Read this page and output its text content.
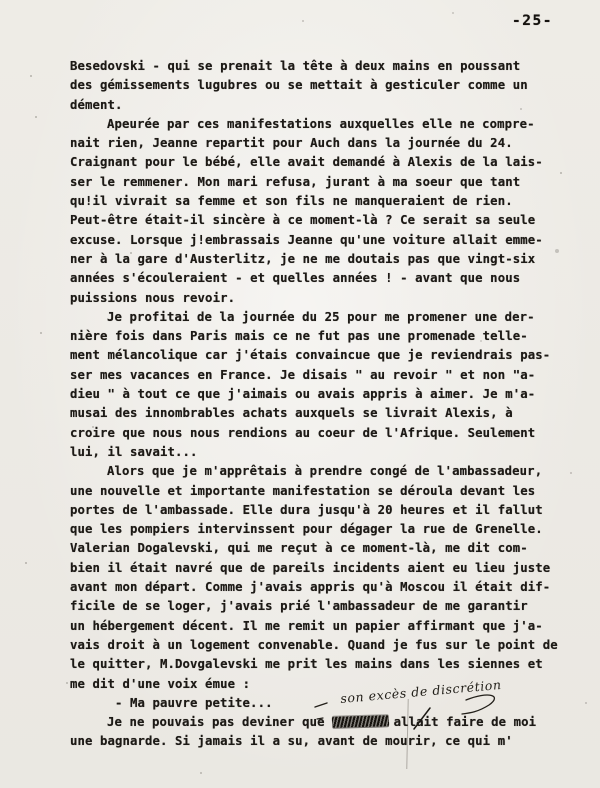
-25-
Besedovski - qui se prenait la tête à deux mains en poussant
des gémissements lugubres ou se mettait à gesticuler comme un
dément.
Apeurée par ces manifestations auxquelles elle ne compre-
nait rien, Jeanne repartit pour Auch dans la journée du 24.
Craignant pour le bébé, elle avait demandé à Alexis de la lais-
ser le remmener. Mon mari refusa, jurant à ma soeur que tant
qu!il vivrait sa femme et son fils ne manqueraient de rien.
Peut-être était-il sincère à ce moment-là ? Ce serait sa seule
excuse. Lorsque j!embrassais Jeanne qu'une voiture allait emme-
ner à la gare d'Austerlitz, je ne me doutais pas que vingt-six
années s'écouleraient - et quelles années ! - avant que nous
puissions nous revoir.
Je profitai de la journée du 25 pour me promener une der-
nière fois dans Paris mais ce ne fut pas une promenade telle-
ment mélancolique car j'étais convaincue que je reviendrais pas-
ser mes vacances en France. Je disais " au revoir " et non "a-
dieu " à tout ce que j'aimais ou avais appris à aimer. Je m'a-
musai des innombrables achats auxquels se livrait Alexis, à
croire que nous nous rendions au coeur de l'Afrique. Seulement
lui, il savait...
Alors que je m'apprêtais à prendre congé de l'ambassadeur,
une nouvelle et importante manifestation se déroula devant les
portes de l'ambassade. Elle dura jusqu'à 20 heures et il fallut
que les pompiers intervinssent pour dégager la rue de Grenelle.
Valerian Dogalevski, qui me reçut à ce moment-là, me dit com-
bien il était navré que de pareils incidents aient eu lieu juste
avant mon départ. Comme j'avais appris qu'à Moscou il était dif-
ficile de se loger, j'avais prié l'ambassadeur de me garantir
un hébergement décent. Il me remit un papier affirmant que j'a-
vais droit à un logement convenable. Quand je fus sur le point de
le quitter, M.Dovgalevski me prit les mains dans les siennes et
me dit d'une voix émue :
- Ma pauvre petite...
Je ne pouvais pas deviner que	allait faire de moi
une bagnarde. Si jamais il a su, avant de mourir, ce qui m'
son excès de discrétion
